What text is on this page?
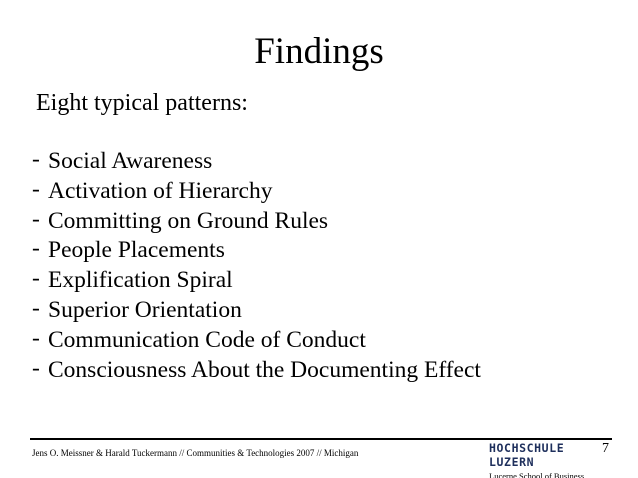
Findings
Eight typical patterns:
- Social Awareness
- Activation of Hierarchy
- Committing on Ground Rules
- People Placements
- Explification Spiral
- Superior Orientation
- Communication Code of Conduct
- Consciousness About the Documenting Effect
Jens O. Meissner & Harald Tuckermann // Communities & Technologies 2007 // Michigan	HOCHSCHULE
LUZERN
Lucerne School of Business
7
